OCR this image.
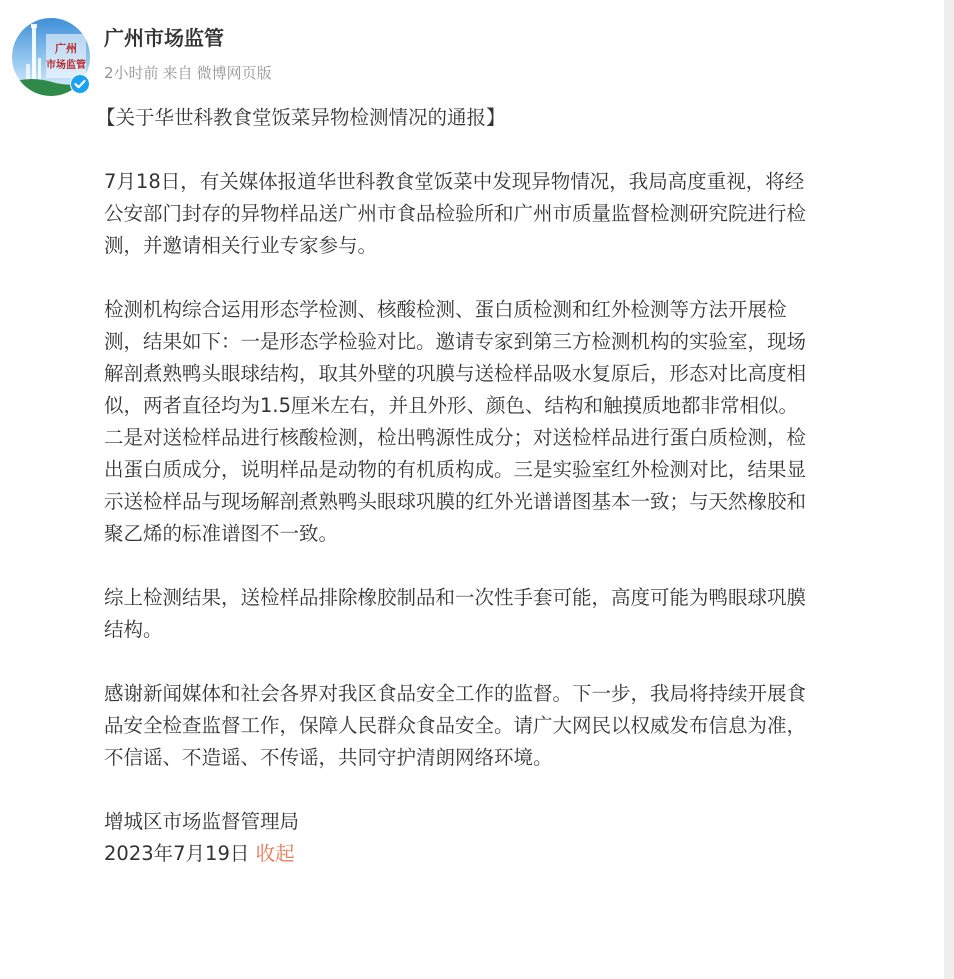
广州
市场监管
广州市场监管
2小时前 来自 微博网页版

【关于华世科教食堂饭菜异物检测情况的通报】

7月18日，有关媒体报道华世科教食堂饭菜中发现异物情况，我局高度重视，将经
公安部门封存的异物样品送广州市食品检验所和广州市质量监督检测研究院进行检
测，并邀请相关行业专家参与。

检测机构综合运用形态学检测、核酸检测、蛋白质检测和红外检测等方法开展检
测，结果如下：一是形态学检验对比。邀请专家到第三方检测机构的实验室，现场
解剖煮熟鸭头眼球结构，取其外壁的巩膜与送检样品吸水复原后，形态对比高度相
似，两者直径均为1.5厘米左右，并且外形、颜色、结构和触摸质地都非常相似。
二是对送检样品进行核酸检测，检出鸭源性成分；对送检样品进行蛋白质检测，检
出蛋白质成分，说明样品是动物的有机质构成。三是实验室红外检测对比，结果显
示送检样品与现场解剖煮熟鸭头眼球巩膜的红外光谱谱图基本一致；与天然橡胶和
聚乙烯的标准谱图不一致。

综上检测结果，送检样品排除橡胶制品和一次性手套可能，高度可能为鸭眼球巩膜
结构。

感谢新闻媒体和社会各界对我区食品安全工作的监督。下一步，我局将持续开展食
品安全检查监督工作，保障人民群众食品安全。请广大网民以权威发布信息为准，
不信谣、不造谣、不传谣，共同守护清朗网络环境。

增城区市场监督管理局
2023年7月19日 收起
